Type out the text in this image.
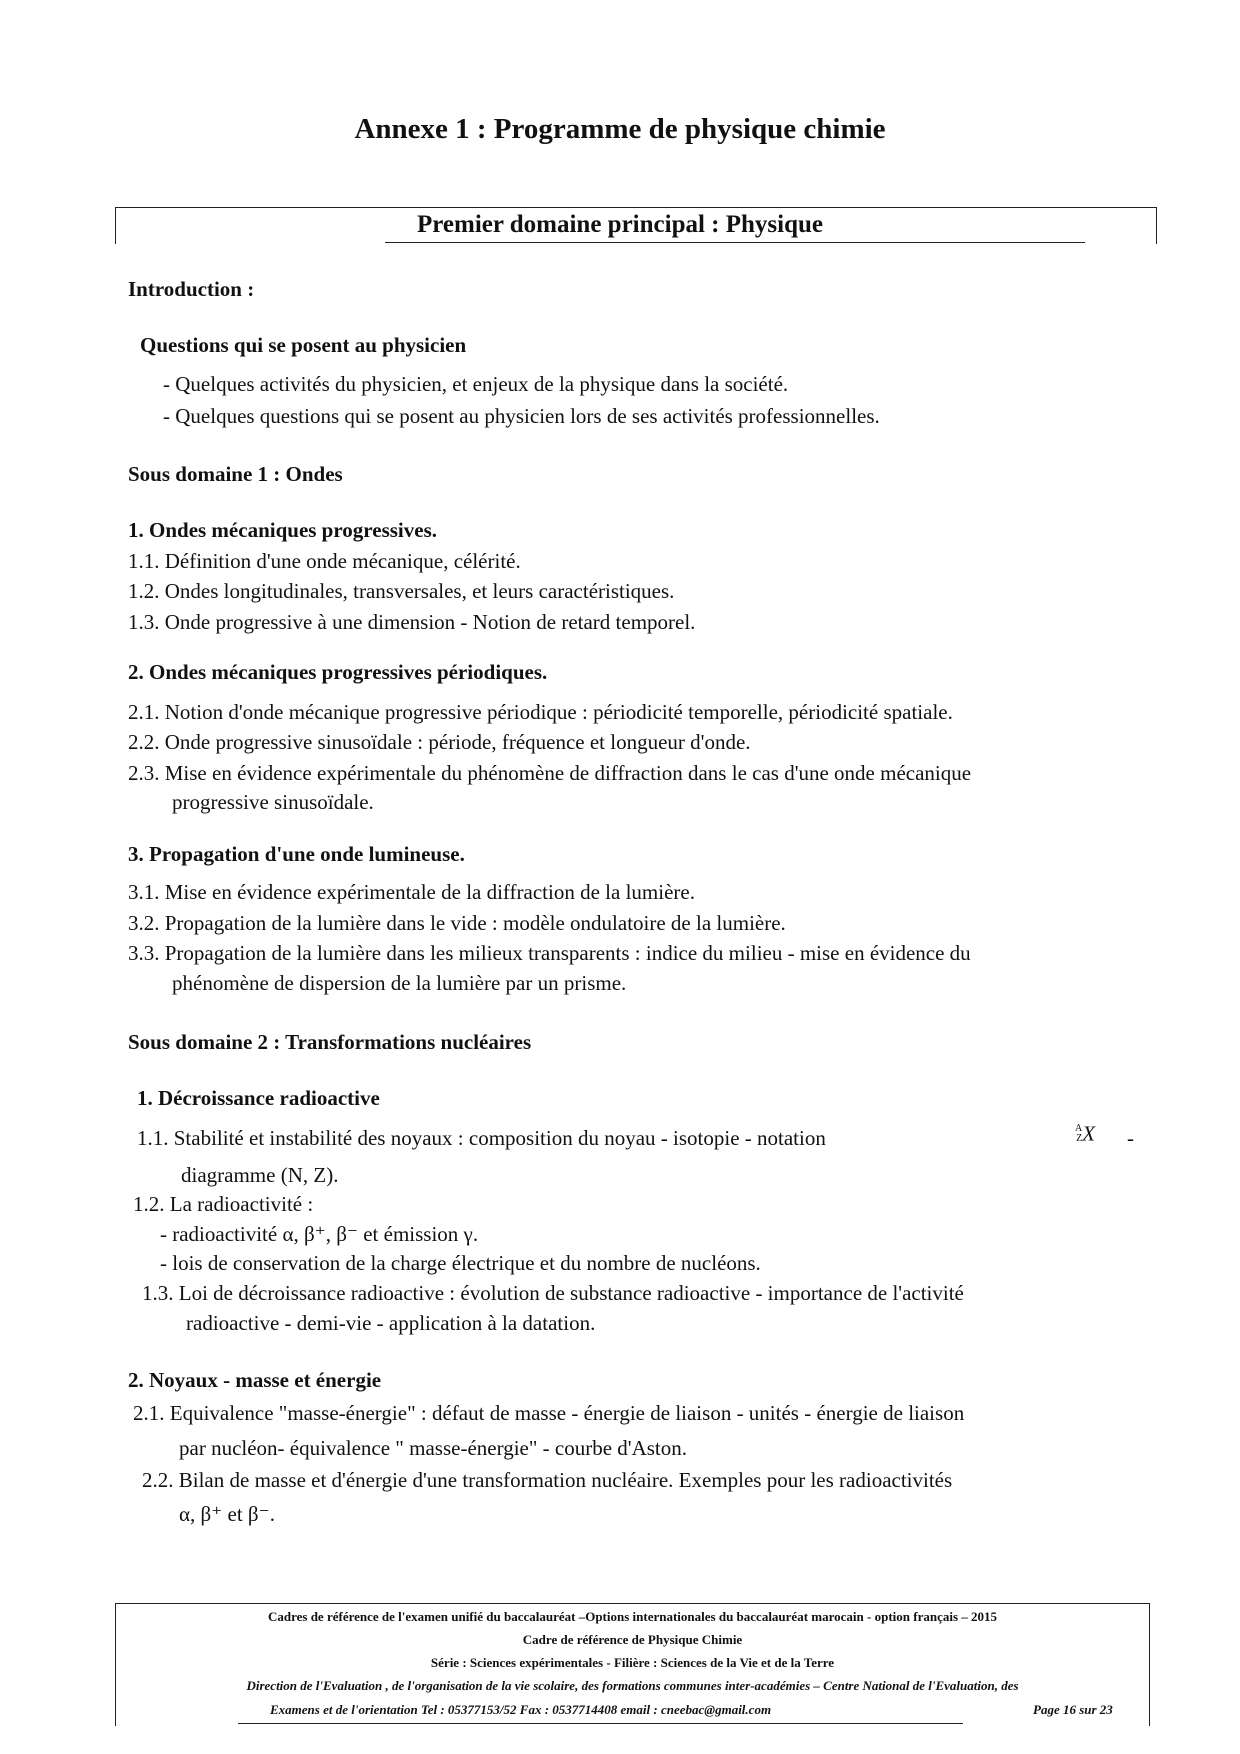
Annexe 1 : Programme de physique chimie
Premier domaine principal : Physique
Introduction :
Questions qui se posent au physicien
- Quelques activités du physicien, et enjeux de la physique dans la société.
- Quelques questions qui se posent au physicien lors de ses activités professionnelles.
Sous domaine 1 : Ondes
1. Ondes mécaniques progressives.
1.1. Définition d'une onde mécanique, célérité.
1.2. Ondes longitudinales, transversales, et leurs caractéristiques.
1.3. Onde progressive à une dimension - Notion de retard temporel.
2. Ondes mécaniques progressives périodiques.
2.1. Notion d'onde mécanique progressive périodique : périodicité temporelle, périodicité spatiale.
2.2. Onde progressive sinusoïdale : période, fréquence et longueur d'onde.
2.3. Mise en évidence expérimentale du phénomène de diffraction dans le cas d'une onde mécanique
progressive sinusoïdale.
3. Propagation d'une onde lumineuse.
3.1. Mise en évidence expérimentale de la diffraction de la lumière.
3.2. Propagation de la lumière dans le vide : modèle ondulatoire de la lumière.
3.3. Propagation de la lumière dans les milieux transparents : indice du milieu - mise en évidence du
phénomène de dispersion de la lumière par un prisme.
Sous domaine 2 : Transformations nucléaires
1. Décroissance radioactive
1.1. Stabilité et instabilité des noyaux : composition du noyau - isotopie - notation	A
Z X -
diagramme (N, Z).
1.2. La radioactivité :
- radioactivité α, β⁺, β⁻ et émission γ.
- lois de conservation de la charge électrique et du nombre de nucléons.
1.3. Loi de décroissance radioactive : évolution de substance radioactive - importance de l'activité
radioactive - demi-vie - application à la datation.
2. Noyaux - masse et énergie
2.1. Equivalence "masse-énergie" : défaut de masse - énergie de liaison - unités - énergie de liaison
par nucléon- équivalence " masse-énergie" - courbe d'Aston.
2.2. Bilan de masse et d'énergie d'une transformation nucléaire. Exemples pour les radioactivités
α, β⁺ et β⁻.
Cadres de référence de l'examen unifié du baccalauréat –Options internationales du baccalauréat marocain - option français – 2015
Cadre de référence de Physique Chimie
Série : Sciences expérimentales - Filière : Sciences de la Vie et de la Terre
Direction de l'Evaluation , de l'organisation de la vie scolaire, des formations communes inter-académies – Centre National de l'Evaluation, des
Examens et de l'orientation Tel : 05377153/52 Fax : 0537714408 email : cneebac@gmail.com	Page 16 sur 23
